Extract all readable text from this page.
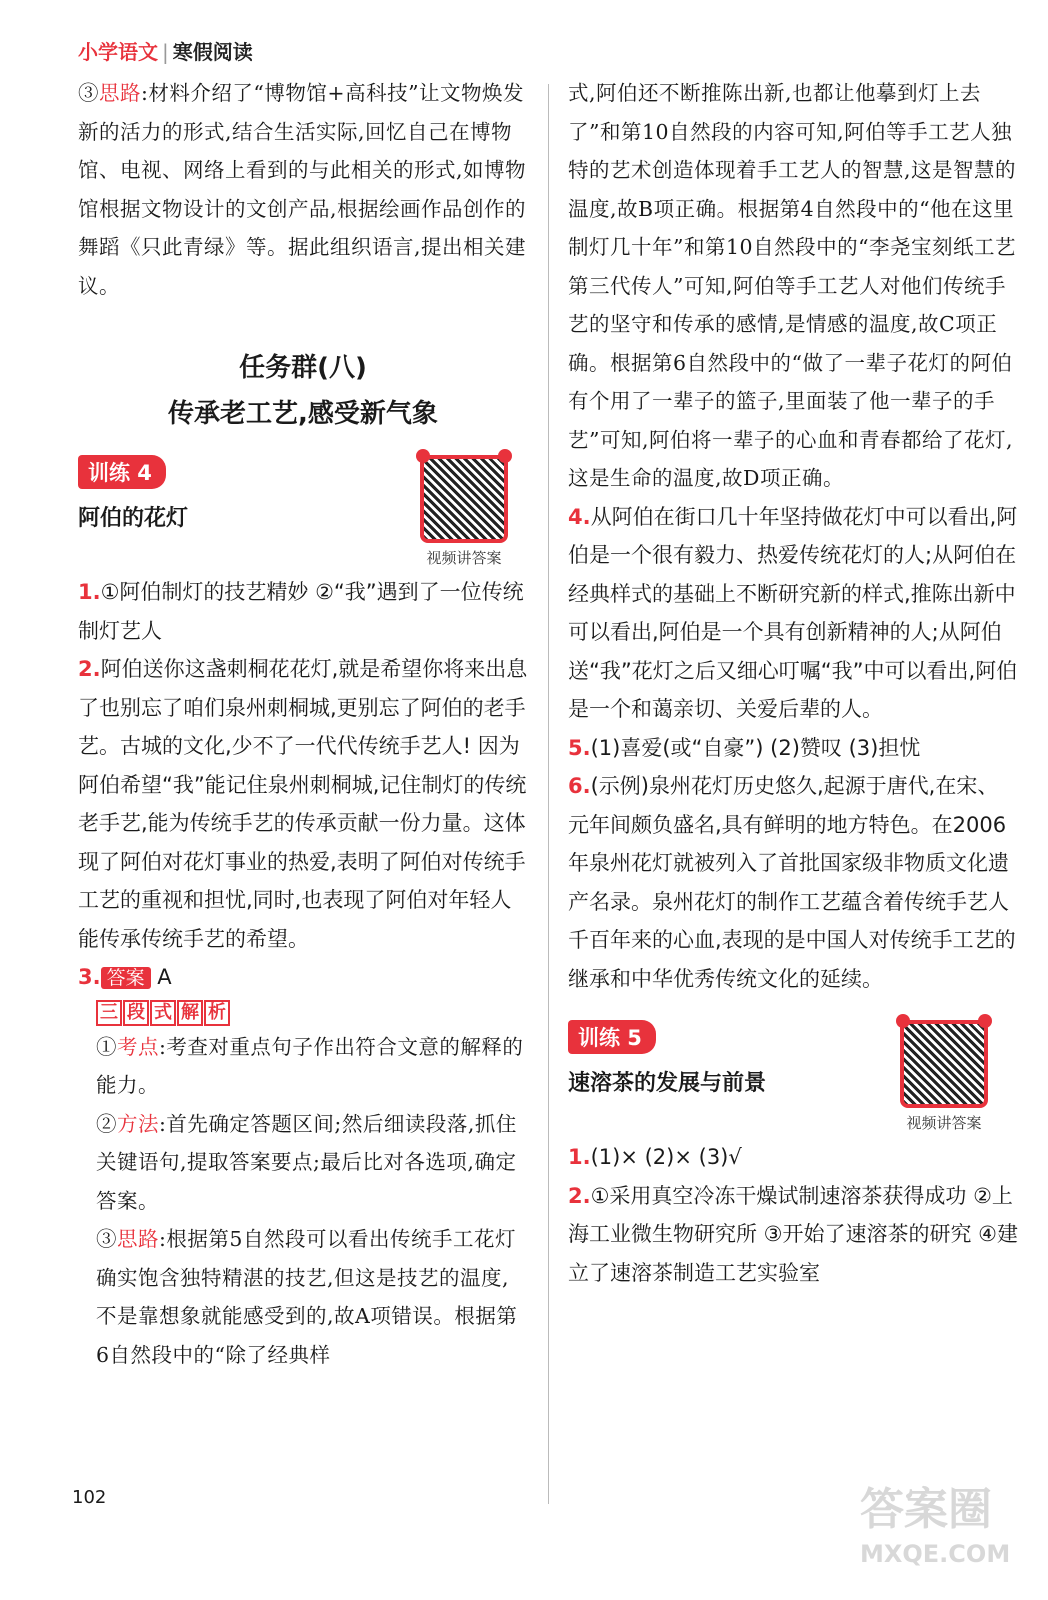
小学语文 | 寒假阅读

③思路:材料介绍了“博物馆+高科技”让文物焕发新的活力的形式,结合生活实际,回忆自己在博物馆、电视、网络上看到的与此相关的形式,如博物馆根据文物设计的文创产品,根据绘画作品创作的舞蹈《只此青绿》等。据此组织语言,提出相关建议。

任务群(八)
传承老工艺,感受新气象
训练 4
阿伯的花灯
视频讲答案

1.①阿伯制灯的技艺精妙 ②“我”遇到了一位传统制灯艺人

2.阿伯送你这盏刺桐花花灯,就是希望你将来出息了也别忘了咱们泉州刺桐城,更别忘了阿伯的老手艺。古城的文化,少不了一代代传统手艺人! 因为阿伯希望“我”能记住泉州刺桐城,记住制灯的传统老手艺,能为传统手艺的传承贡献一份力量。这体现了阿伯对花灯事业的热爱,表明了阿伯对传统手工艺的重视和担忧,同时,也表现了阿伯对年轻人能传承传统手艺的希望。

3. 答案 A

三 段 式 解 析

①考点:考查对重点句子作出符合文意的解释的能力。

②方法:首先确定答题区间;然后细读段落,抓住关键语句,提取答案要点;最后比对各选项,确定答案。

③思路:根据第5自然段可以看出传统手工花灯确实饱含独特精湛的技艺,但这是技艺的温度,不是靠想象就能感受到的,故A项错误。根据第6自然段中的“除了经典样

式,阿伯还不断推陈出新,也都让他摹到灯上去了”和第10自然段的内容可知,阿伯等手工艺人独特的艺术创造体现着手工艺人的智慧,这是智慧的温度,故B项正确。根据第4自然段中的“他在这里制灯几十年”和第10自然段中的“李尧宝刻纸工艺第三代传人”可知,阿伯等手工艺人对他们传统手艺的坚守和传承的感情,是情感的温度,故C项正确。根据第6自然段中的“做了一辈子花灯的阿伯有个用了一辈子的篮子,里面装了他一辈子的手艺”可知,阿伯将一辈子的心血和青春都给了花灯,这是生命的温度,故D项正确。

4.从阿伯在街口几十年坚持做花灯中可以看出,阿伯是一个很有毅力、热爱传统花灯的人;从阿伯在经典样式的基础上不断研究新的样式,推陈出新中可以看出,阿伯是一个具有创新精神的人;从阿伯送“我”花灯之后又细心叮嘱“我”中可以看出,阿伯是一个和蔼亲切、关爱后辈的人。

5.(1)喜爱(或“自豪”) (2)赞叹 (3)担忧

6.(示例)泉州花灯历史悠久,起源于唐代,在宋、元年间颇负盛名,具有鲜明的地方特色。在2006年泉州花灯就被列入了首批国家级非物质文化遗产名录。泉州花灯的制作工艺蕴含着传统手艺人千百年来的心血,表现的是中国人对传统手工艺的继承和中华优秀传统文化的延续。

训练 5
速溶茶的发展与前景
视频讲答案

1.(1)× (2)× (3)√

2.①采用真空冷冻干燥试制速溶茶获得成功 ②上海工业微生物研究所 ③开始了速溶茶的研究 ④建立了速溶茶制造工艺实验室

102	答案圈
MXQE.COM
